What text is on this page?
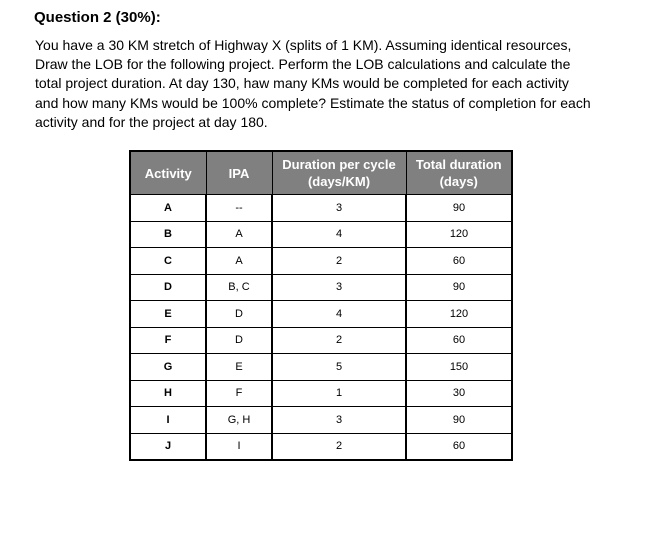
Question 2 (30%):

You have a 30 KM stretch of Highway X (splits of 1 KM). Assuming identical resources,
Draw the LOB for the following project. Perform the LOB calculations and calculate the
total project duration. At day 130, haw many KMs would be completed for each activity
and how many KMs would be 100% complete? Estimate the status of completion for each
activity and for the project at day 180.

Activity	IPA	Duration per cycle
(days/KM)	Total duration
(days)
A	--	3	90
B	A	4	120
C	A	2	60
D	B, C	3	90
E	D	4	120
F	D	2	60
G	E	5	150
H	F	1	30
I	G, H	3	90
J	I	2	60
